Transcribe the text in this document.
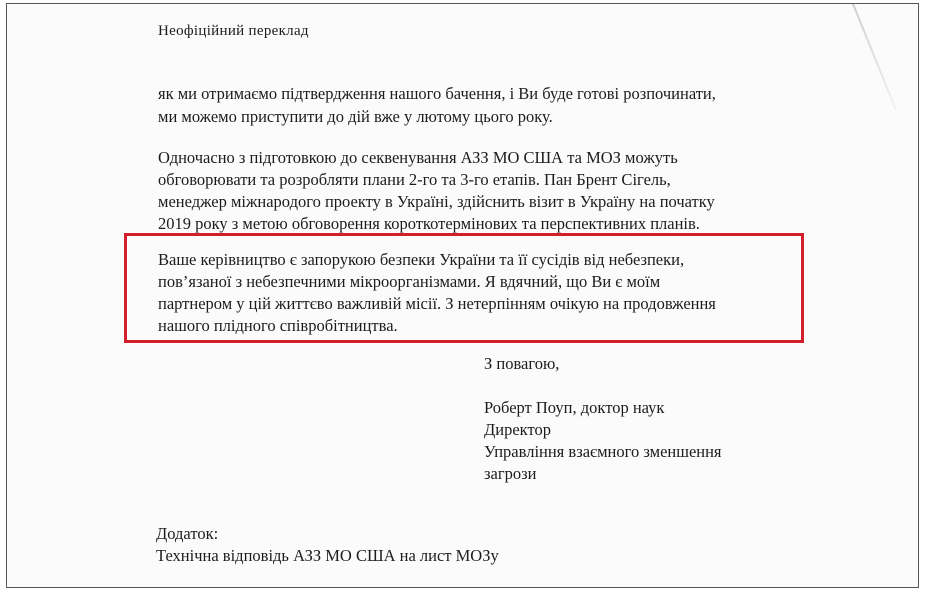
Неофіційний переклад
як ми отримаємо підтвердження нашого бачення, і Ви буде готові розпочинати,
ми можемо приступити до дій вже у лютому цього року.
Одночасно з підготовкою до секвенування АЗЗ МО США та МОЗ можуть
обговорювати та розробляти плани 2-го та 3-го етапів. Пан Брент Сігель,
менеджер міжнародого проекту в Україні, здійснить візит в Україну на початку
2019 року з метою обговорення короткотермінових та перспективних планів.
Ваше керівництво є запорукою безпеки України та її сусідів від небезпеки,
пов’язаної з небезпечними мікроорганізмами. Я вдячний, що Ви є моїм
партнером у цій життєво важливій місії. З нетерпінням очікую на продовження
нашого плідного співробітництва.
З повагою,
Роберт Поуп, доктор наук
Директор
Управління взаємного зменшення
загрози
Додаток:
Технічна відповідь АЗЗ МО США на лист МОЗу
